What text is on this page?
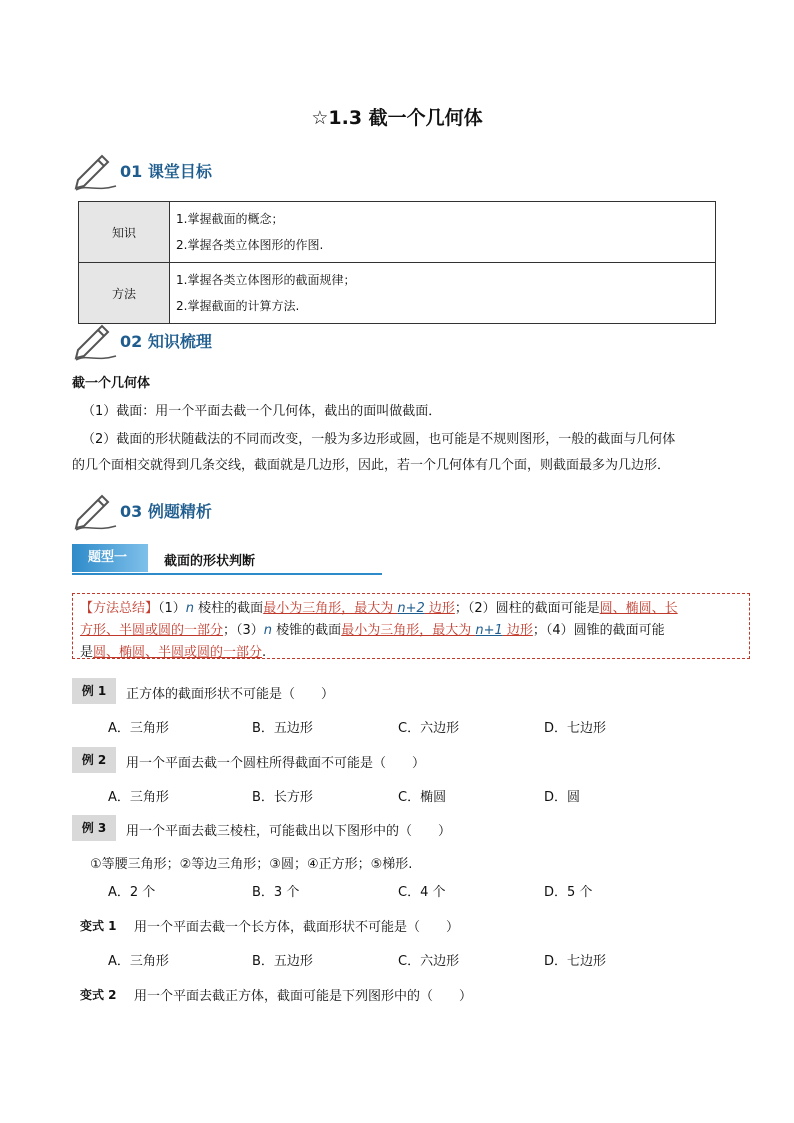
☆1.3 截一个几何体
01 课堂目标
知识	1.掌握截面的概念；
2.掌握各类立体图形的作图.

方法	1.掌握各类立体图形的截面规律；
2.掌握截面的计算方法.
02 知识梳理
截一个几何体
（1）截面：用一个平面去截一个几何体，截出的面叫做截面．
（2）截面的形状随截法的不同而改变，一般为多边形或圆，也可能是不规则图形，一般的截面与几何体
的几个面相交就得到几条交线，截面就是几边形，因此，若一个几何体有几个面，则截面最多为几边形．
03 例题精析
题型一	截面的形状判断
【方法总结】（1）n 棱柱的截面最小为三角形，最大为 n+2 边形；（2）圆柱的截面可能是圆、椭圆、长
方形、半圆或圆的一部分；（3）n 棱锥的截面最小为三角形，最大为 n+1 边形；（4）圆锥的截面可能
是圆、椭圆、半圆或圆的一部分.
例 1	正方体的截面形状不可能是（　　）
A．三角形	B．五边形	C．六边形	D．七边形
例 2	用一个平面去截一个圆柱所得截面不可能是（　　）
A．三角形	B．长方形	C．椭圆	D．圆
例 3	用一个平面去截三棱柱，可能截出以下图形中的（　　）
①等腰三角形；②等边三角形；③圆；④正方形；⑤梯形.
A．2 个	B．3 个	C．4 个	D．5 个
变式 1 用一个平面去截一个长方体，截面形状不可能是（　　）
A．三角形	B．五边形	C．六边形	D．七边形
变式 2 用一个平面去截正方体，截面可能是下列图形中的（　　）
